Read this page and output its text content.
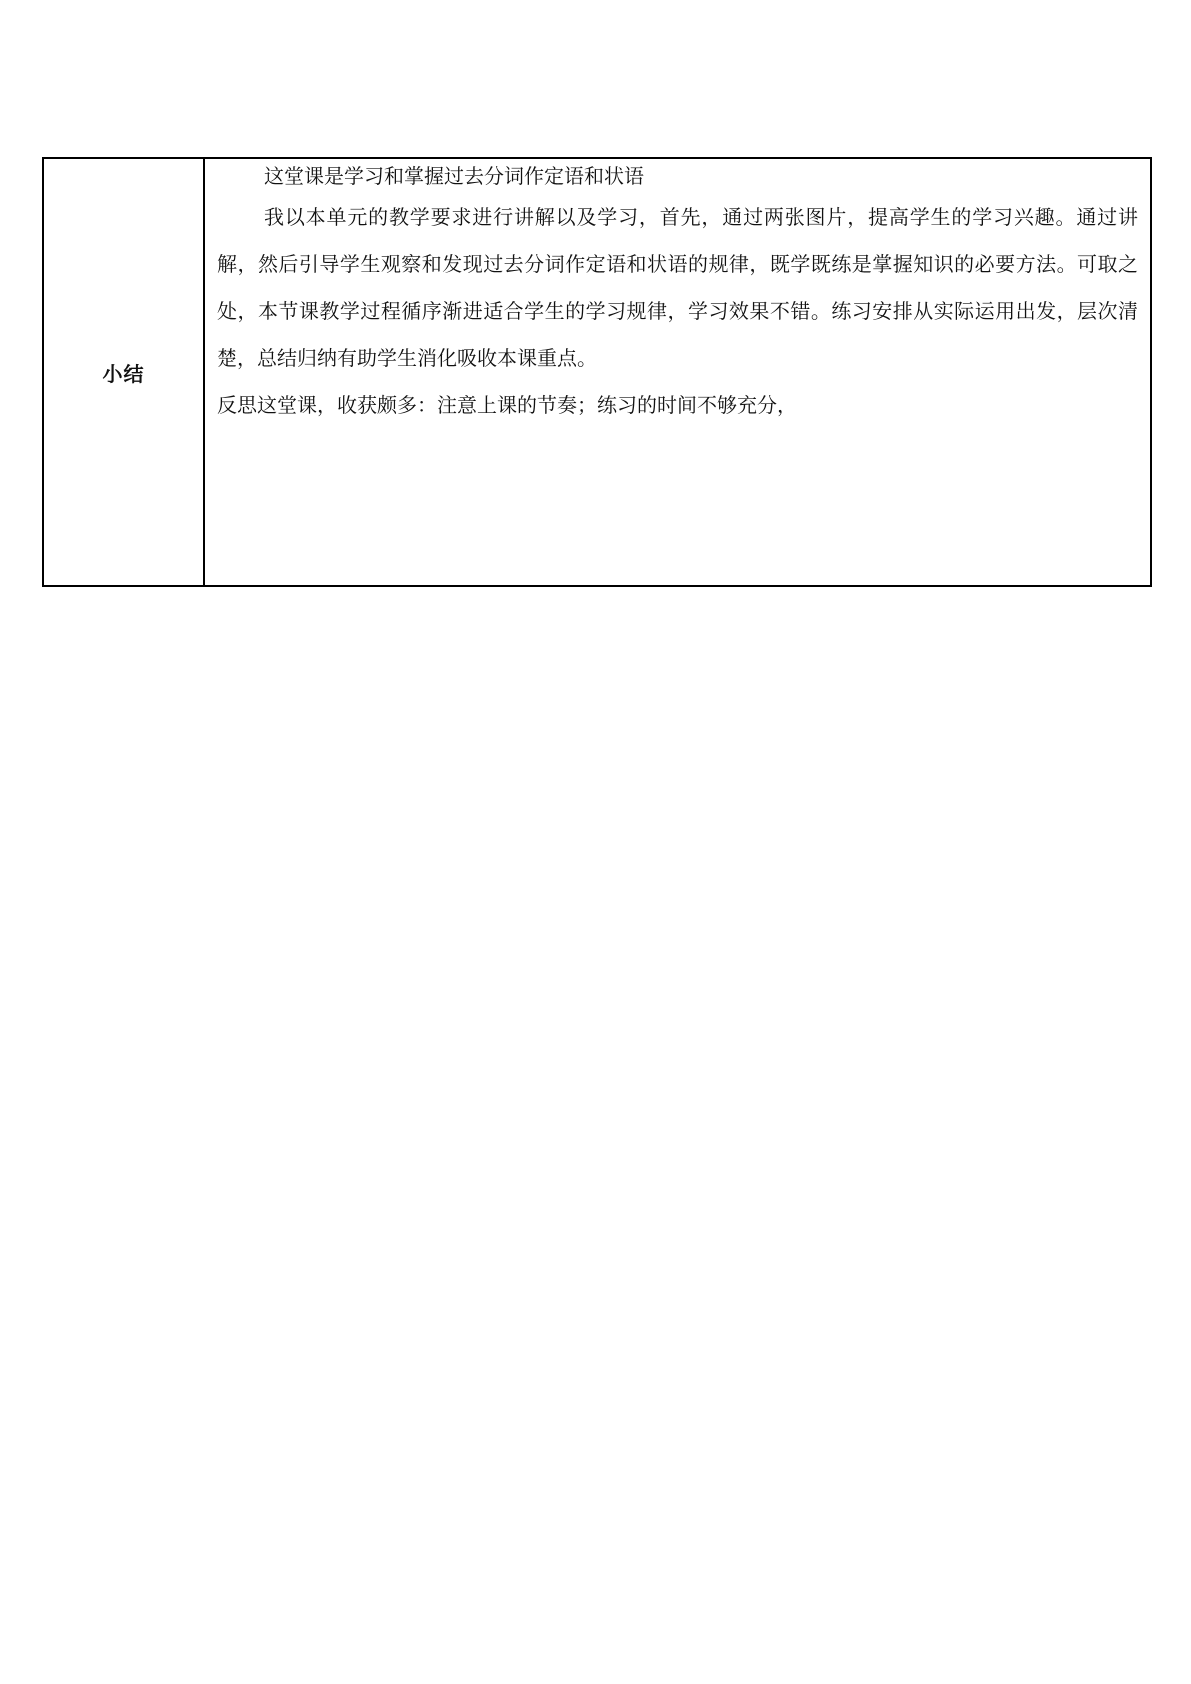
小结	

这堂课是学习和掌握过去分词作定语和状语

我以本单元的教学要求进行讲解以及学习，首先，通过两张图片，提高学生的学习兴趣。通过讲解，然后引导学生观察和发现过去分词作定语和状语的规律，既学既练是掌握知识的必要方法。可取之处，本节课教学过程循序渐进适合学生的学习规律，学习效果不错。练习安排从实际运用出发，层次清楚，总结归纳有助学生消化吸收本课重点。

反思这堂课，收获颇多：注意上课的节奏；练习的时间不够充分，
